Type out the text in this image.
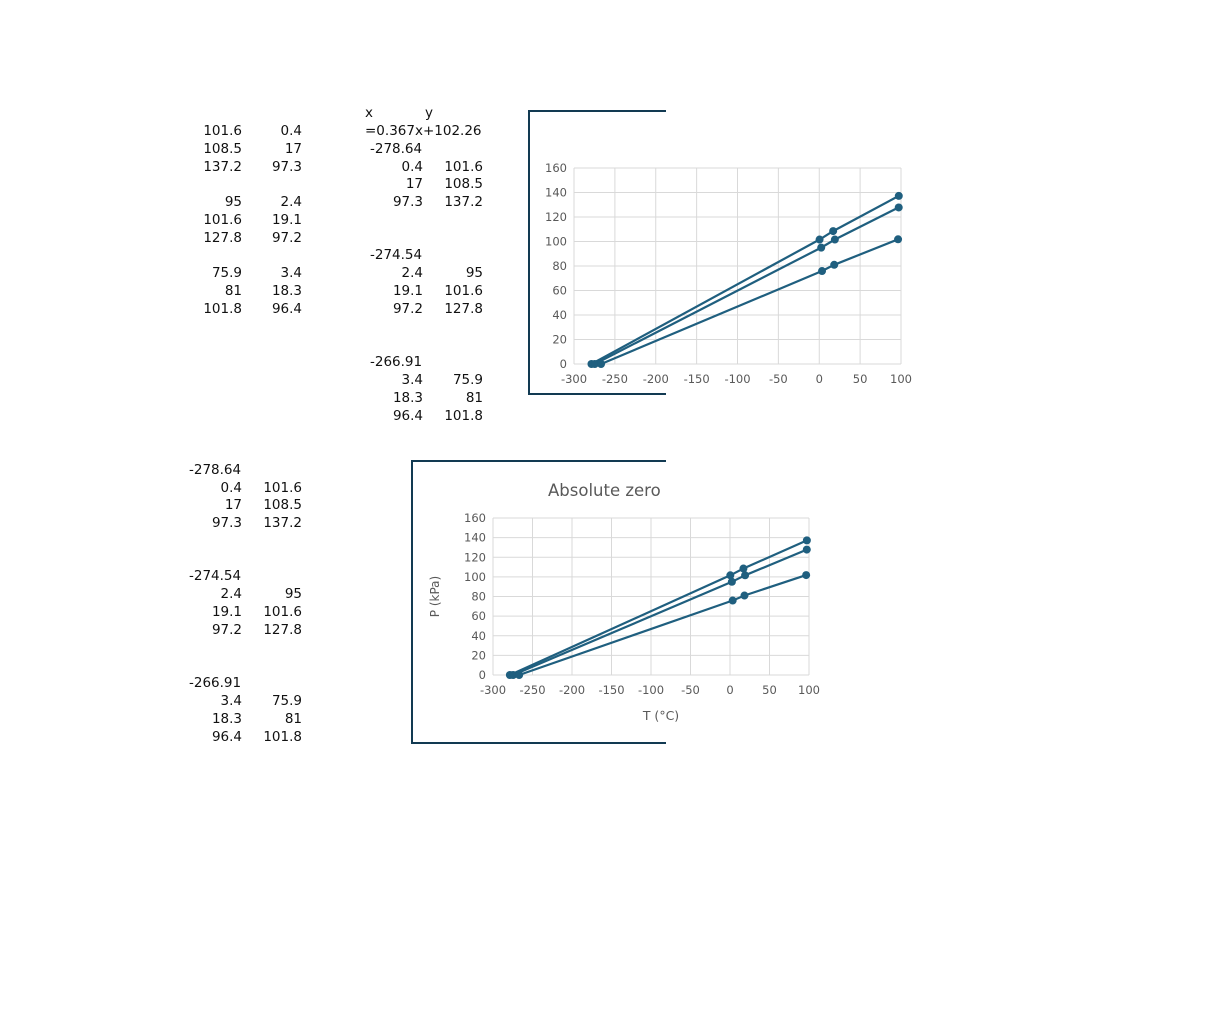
101.6	0.4
108.5	17
137.2	97.3
95	2.4
101.6	19.1
127.8	97.2
75.9	3.4
81	18.3
101.8	96.4
x	y
=0.367x+102.26
-278.64
0.4	101.6
17	108.5
97.3	137.2
-274.54
2.4	95
19.1	101.6
97.2	127.8
-266.91
3.4	75.9
18.3	81
96.4	101.8
-278.64
0.4	101.6
17	108.5
97.3	137.2
-274.54
2.4	95
19.1	101.6
97.2	127.8
-266.91
3.4	75.9
18.3	81
96.4	101.8
0
20
40
60
80
100
120
140
160
-300 -250 -200 -150 -100 -50 0	50 100
Absolute zero
0
20
40
60
80
100
120
140
160
-300 -250 -200 -150 -100 -50 0 50 100
P (kPa)
T (°C)
